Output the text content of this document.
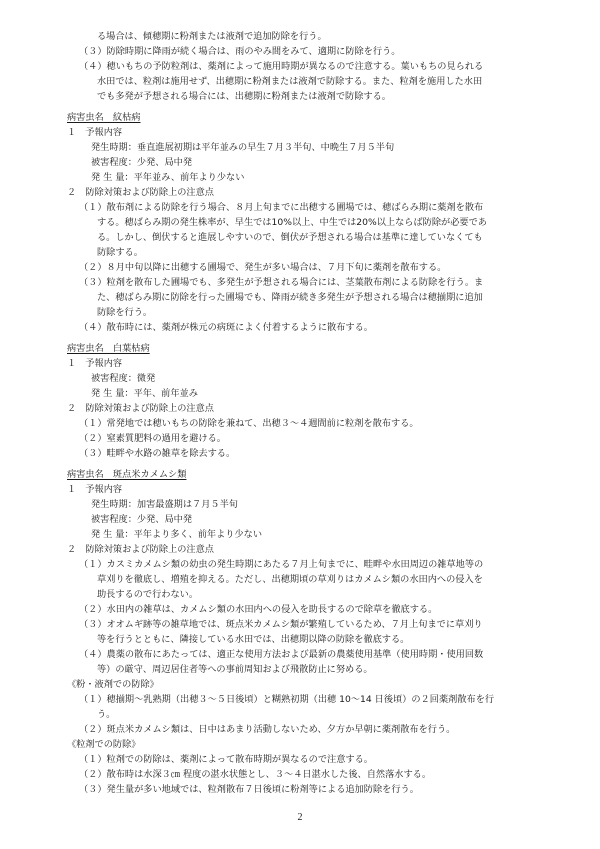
る場合は、傾穂期に粉剤または液剤で追加防除を行う。
（３）防除時期に降雨が続く場合は、雨のやみ間をみて、適期に防除を行う。
（４）穂いもちの予防粒剤は、薬剤によって施用時期が異なるので注意する。葉いもちの見られる
水田では、粒剤は施用せず、出穂期に粉剤または液剤で防除する。また、粒剤を施用した水田
でも多発が予想される場合には、出穂期に粉剤または液剤で防除する。
病害虫名　紋枯病
１　予報内容
発生時期：垂直進展初期は平年並みの早生７月３半旬、中晩生７月５半旬
被害程度：少発、局中発
発 生 量：平年並み、前年より少ない
２　防除対策および防除上の注意点
（１）散布剤による防除を行う場合、８月上旬までに出穂する圃場では、穂ばらみ期に薬剤を散布
する。穂ばらみ期の発生株率が、早生では10%以上、中生では20%以上ならば防除が必要であ
る。しかし、倒伏すると進展しやすいので、倒伏が予想される場合は基準に達していなくても
防除する。
（２）８月中旬以降に出穂する圃場で、発生が多い場合は、７月下旬に薬剤を散布する。
（３）粒剤を散布した圃場でも、多発生が予想される場合には、茎葉散布剤による防除を行う。ま
た、穂ばらみ期に防除を行った圃場でも、降雨が続き多発生が予想される場合は穂揃期に追加
防除を行う。
（４）散布時には、薬剤が株元の病斑によく付着するように散布する。
病害虫名　白葉枯病
１　予報内容
被害程度：微発
発 生 量：平年、前年並み
２　防除対策および防除上の注意点
（１）常発地では穂いもちの防除を兼ねて、出穂３～４週間前に粒剤を散布する。
（２）窒素質肥料の過用を避ける。
（３）畦畔や水路の雑草を除去する。
病害虫名　斑点米カメムシ類
１　予報内容
発生時期：加害最盛期は７月５半旬
被害程度：少発、局中発
発 生 量：平年より多く、前年より少ない
２　防除対策および防除上の注意点
（１）カスミカメムシ類の幼虫の発生時期にあたる７月上旬までに、畦畔や水田周辺の雑草地等の
草刈りを徹底し、増殖を抑える。ただし、出穂期頃の草刈りはカメムシ類の水田内への侵入を
助長するので行わない。
（２）水田内の雑草は、カメムシ類の水田内への侵入を助長するので除草を徹底する。
（３）オオムギ跡等の雑草地では、斑点米カメムシ類が繁殖しているため、７月上旬までに草刈り
等を行うとともに、隣接している水田では、出穂期以降の防除を徹底する。
（４）農薬の散布にあたっては、適正な使用方法および最新の農薬使用基準（使用時期・使用回数
等）の厳守、周辺居住者等への事前周知および飛散防止に努める。
《粉・液剤での防除》
（１）穂揃期～乳熟期（出穂３～５日後頃）と糊熟初期（出穂 10～14 日後頃）の２回薬剤散布を行
う。
（２）斑点米カメムシ類は、日中はあまり活動しないため、夕方か早朝に薬剤散布を行う。
《粒剤での防除》
（１）粒剤での防除は、薬剤によって散布時期が異なるので注意する。
（２）散布時は水深３㎝ 程度の湛水状態とし、３～４日湛水した後、自然落水する。
（３）発生量が多い地域では、粒剤散布７日後頃に粉剤等による追加防除を行う。
2
